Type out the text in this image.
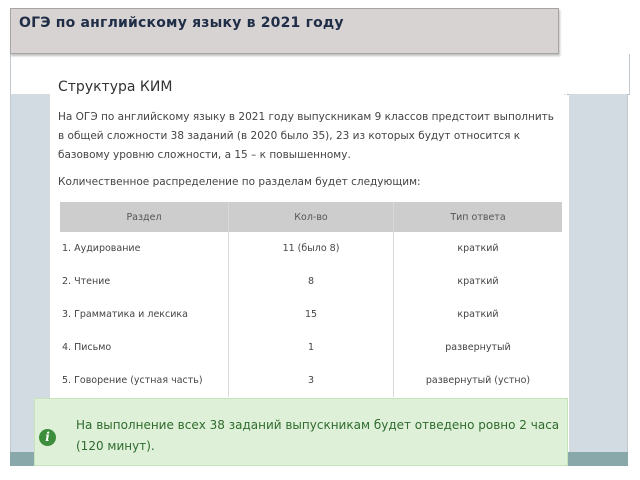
ОГЭ по английскому языку в 2021 году
Структура КИМ
На ОГЭ по английскому языку в 2021 году выпускникам 9 классов предстоит выполнить в общей сложности 38 заданий (в 2020 было 35), 23 из которых будут относится к базовому уровню сложности, а 15 – к повышенному.
Количественное распределение по разделам будет следующим:
Раздел	Кол-во	Тип ответа
1. Аудирование	11 (было 8)	краткий
2. Чтение	8	краткий
3. Грамматика и лексика	15	краткий
4. Письмо	1	развернутый
5. Говорение (устная часть)	3	развернутый (устно)
i
На выполнение всех 38 заданий выпускникам будет отведено ровно 2 часа (120 минут).
